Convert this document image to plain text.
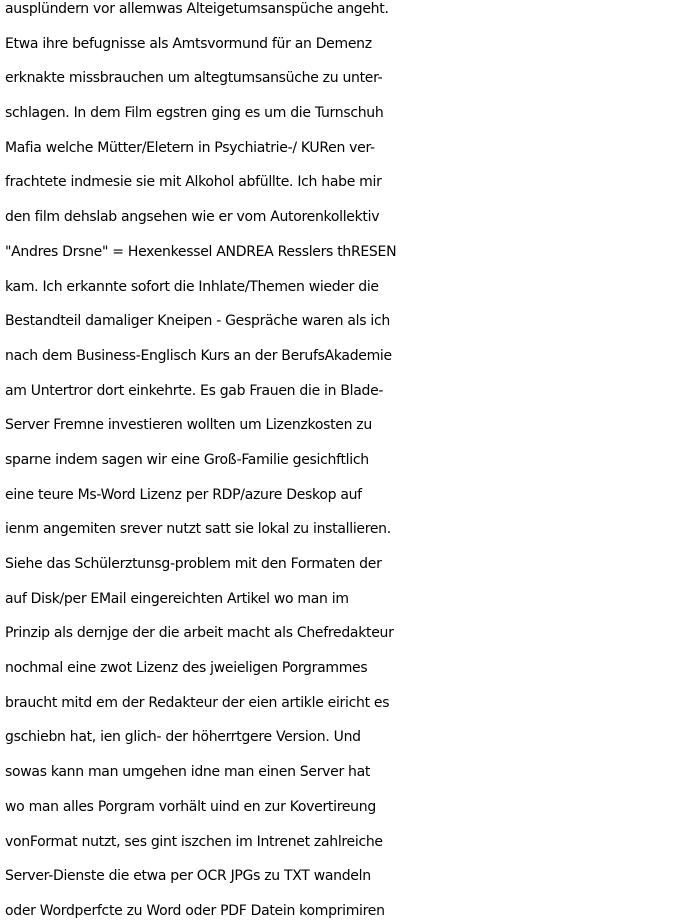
ausplündern vor allemwas Alteigetumsanspüche angeht.
Etwa ihre befugnisse als Amtsvormund für an Demenz
erknakte missbrauchen um altegtumsansüche zu unter-
schlagen. In dem Film egstren ging es um die Turnschuh
Mafia welche Mütter/Eletern in Psychiatrie-/ KURen ver-
frachtete indmesie sie mit Alkohol abfüllte. Ich habe mir
den film dehslab angsehen wie er vom Autorenkollektiv
"Andres Drsne" = Hexenkessel ANDREA Resslers thRESEN
kam. Ich erkannte sofort die Inhlate/Themen wieder die
Bestandteil damaliger Kneipen - Gespräche waren als ich
nach dem Business-Englisch Kurs an der BerufsAkademie
am Untertror dort einkehrte. Es gab Frauen die in Blade-
Server Fremne investieren wollten um Lizenzkosten zu
sparne indem sagen wir eine Groß-Familie gesichftlich
eine teure Ms-Word Lizenz per RDP/azure Deskop auf
ienm angemiten srever nutzt satt sie lokal zu installieren.
Siehe das Schülerztunsg-problem mit den Formaten der
auf Disk/per EMail eingereichten Artikel wo man im
Prinzip als dernjge der die arbeit macht als Chefredakteur
nochmal eine zwot Lizenz des jweieligen Porgrammes
braucht mitd em der Redakteur der eien artikle eiricht es
gschiebn hat, ien glich- der höherrtgere Version. Und
sowas kann man umgehen idne man einen Server hat
wo man alles Porgram vorhält uind en zur Kovertireung
vonFormat nutzt, ses gint iszchen im Intrenet zahlreiche
Server-Dienste die etwa per OCR JPGs zu TXT wandeln
oder Wordperfcte zu Word oder PDF Datein komprimiren
